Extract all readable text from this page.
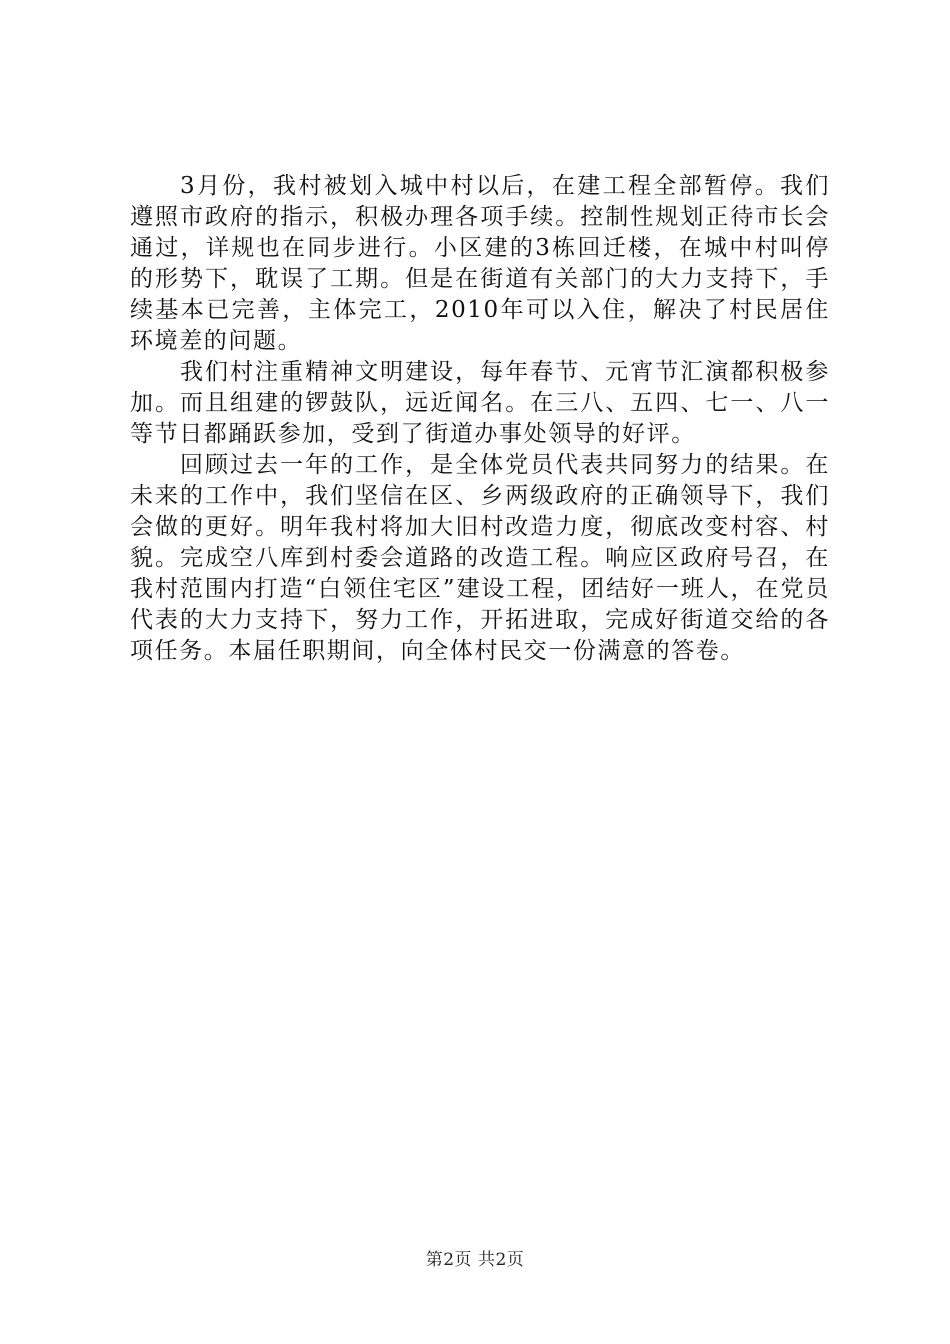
3月份，我村被划入城中村以后，在建工程全部暂停。我们遵照市政府的指示，积极办理各项手续。控制性规划正待市长会通过，详规也在同步进行。小区建的3栋回迁楼，在城中村叫停的形势下，耽误了工期。但是在街道有关部门的大力支持下，手续基本已完善，主体完工，2010年可以入住，解决了村民居住环境差的问题。

我们村注重精神文明建设，每年春节、元宵节汇演都积极参加。而且组建的锣鼓队，远近闻名。在三八、五四、七一、八一等节日都踊跃参加，受到了街道办事处领导的好评。

回顾过去一年的工作，是全体党员代表共同努力的结果。在未来的工作中，我们坚信在区、乡两级政府的正确领导下，我们会做的更好。明年我村将加大旧村改造力度，彻底改变村容、村貌。完成空八库到村委会道路的改造工程。响应区政府号召，在我村范围内打造“白领住宅区”建设工程，团结好一班人，在党员代表的大力支持下，努力工作，开拓进取，完成好街道交给的各项任务。本届任职期间，向全体村民交一份满意的答卷。

第2页 共2页
